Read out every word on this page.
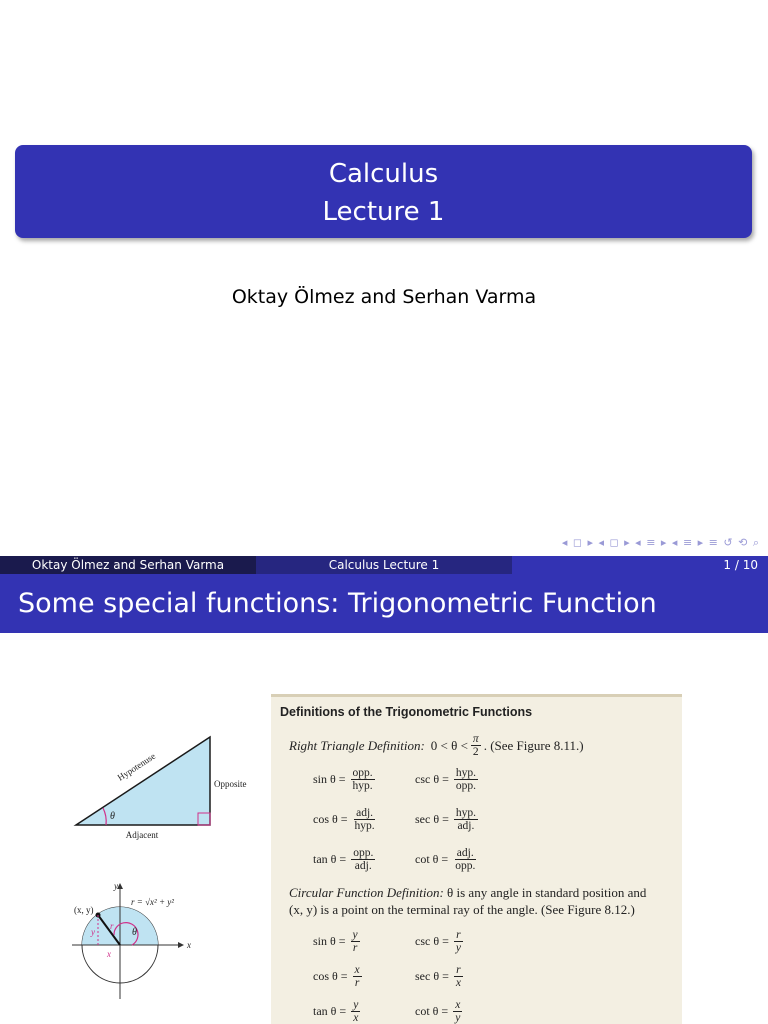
Calculus
Lecture 1
Oktay Ölmez and Serhan Varma
◂ ◻ ▸ ◂ ◻ ▸ ◂ ≡ ▸ ◂ ≡ ▸ ≡ ↺ ⟲ ⌕
Oktay Ölmez and Serhan Varma	Calculus Lecture 1	1 / 10
Some special functions: Trigonometric Function
θ
Hypotenuse
Opposite
Adjacent
y
x
(x, y)
r = √x² + y²
r
y
x
θ
Definitions of the Trigonometric Functions
Right Triangle Definition: $0 < \theta < \frac{\pi}{2}$ . (See Figure 8.11.)
$\sin \theta = \frac{\text{opp.}}{\text{hyp.}}$	$\csc \theta = \frac{\text{hyp.}}{\text{opp.}}$
$\cos \theta = \frac{\text{adj.}}{\text{hyp.}}$	$\sec \theta = \frac{\text{hyp.}}{\text{adj.}}$
$\tan \theta = \frac{\text{opp.}}{\text{adj.}}$	$\cot \theta = \frac{\text{adj.}}{\text{opp.}}$
Circular Function Definition: θ is any angle in standard position and
(x, y) is a point on the terminal ray of the angle. (See Figure 8.12.)
$\sin \theta = \frac{y}{r}$	$\csc \theta = \frac{r}{y}$
$\cos \theta = \frac{x}{r}$	$\sec \theta = \frac{r}{x}$
$\tan \theta = \frac{y}{x}$	$\cot \theta = \frac{x}{y}$
